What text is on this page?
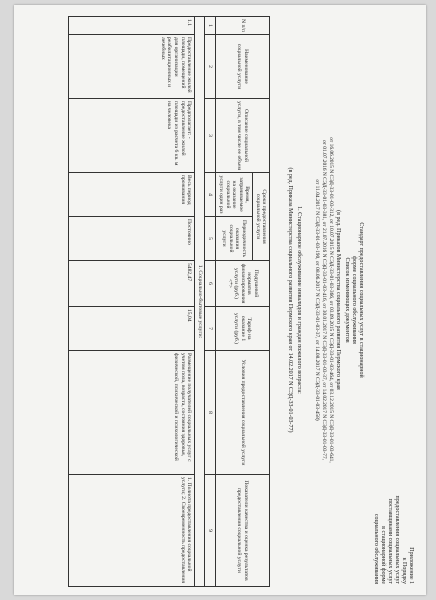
Приложение 1
к Порядку
предоставления социальных услуг
поставщиками социальных услуг
в стационарной форме
социального обслуживания
Стандарт предоставления социальных услуг в стационарной
форме социального обслуживания
Список изменяющих документов
(в ред. Приказов Министерства социального развития Пермского края
от 16.06.2015 N СЭД-33-01-03-312, от 10.07.2015 N СЭД-33-01-03-366, от 03.09.2015 N СЭД-33-01-03-464, от 03.12.2015 N СЭД-33-01-03-641,
от 01.07.2016 N СЭД-33-01-03-381, от 21.07.2016 N СЭД-33-01-03-416, от 30.01.2017 N СЭД-33-01-03-37, от 14.02.2017 N СЭД-33-01-03-77,
от 11.04.2017 N СЭД-33-01-03-190, от 08.06.2017 N СЭД-33-01-03-37, от 14.08.2017 N СЭД-33-01-03-458)
1. Стационарное обслуживание инвалидов и граждан пожилого возраста:
(в ред. Приказа Министерства социального развития Пермского края от 14.02.2017 N СЭД-33-01-03-77)
N п/п	Наименование социальной услуги	Описание социальной услуги, в том числе ее объем	Сроки предоставления социальной услуги		Подушевой норматив финансирования услуги (руб.) <*>	Тариф на оказание 1 услуги (руб.)	Условия предоставления социальной услуги	Показатели качества и оценка результатов предоставления социальной услуги
			Время, затрачиваемое на оказание социальной услуги один раз	Периодичность оказания социальной услуги				
1	2	3	4	5	6	7	8	9
1. Социально-бытовые услуги:								
1.1	Предоставление жилой площади, помещений для организации реабилитационных и лечебных	Предполагает: - предоставление жилой площади из расчета 6 кв. м на человека	Весь период проживания	Постоянно	5482,47	15,04	Размещение получателей социальных услуг с учетом пола, возраста, состояния здоровья, физической, психической и психологической	1. Полнота предоставления социальной услуги; 2. Своевременность предоставления
